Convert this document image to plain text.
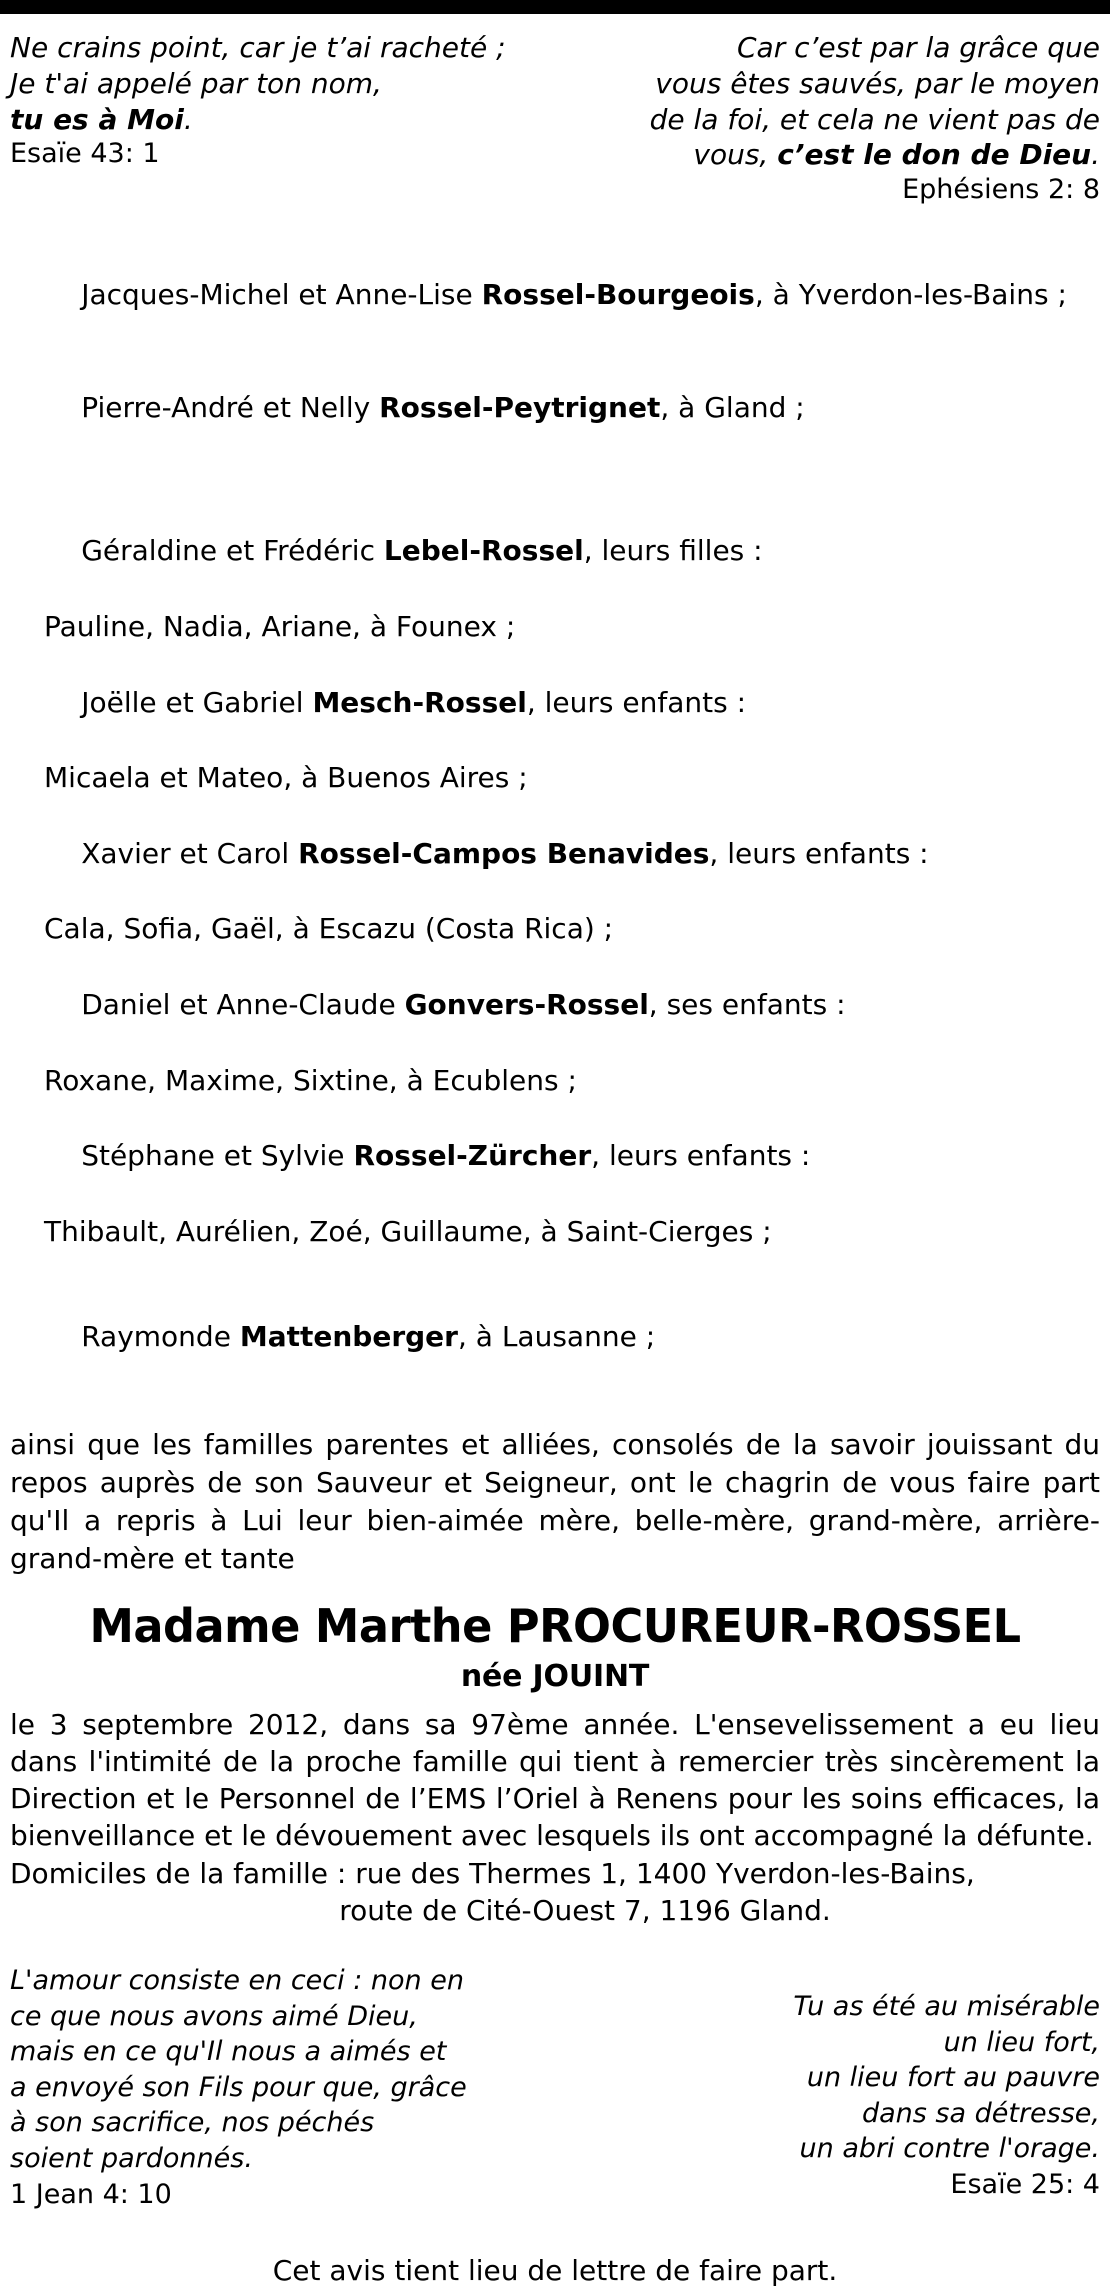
Ne crains point, car je t’ai racheté ;
Je t'ai appelé par ton nom,
tu es à Moi.
Esaïe 43: 1
Car c’est par la grâce que
vous êtes sauvés, par le moyen
de la foi, et cela ne vient pas de
vous, c’est le don de Dieu.
Ephésiens 2: 8

Jacques-Michel et Anne-Lise Rossel-Bourgeois, à Yverdon-les-Bains ;

Pierre-André et Nelly Rossel-Peytrignet, à Gland ;

Géraldine et Frédéric Lebel-Rossel, leurs filles :

Pauline, Nadia, Ariane, à Founex ;

Joëlle et Gabriel Mesch-Rossel, leurs enfants :

Micaela et Mateo, à Buenos Aires ;

Xavier et Carol Rossel-Campos Benavides, leurs enfants :

Cala, Sofia, Gaël, à Escazu (Costa Rica) ;

Daniel et Anne-Claude Gonvers-Rossel, ses enfants :

Roxane, Maxime, Sixtine, à Ecublens ;

Stéphane et Sylvie Rossel-Zürcher, leurs enfants :

Thibault, Aurélien, Zoé, Guillaume, à Saint-Cierges ;

Raymonde Mattenberger, à Lausanne ;

ainsi que les familles parentes et alliées, consolés de la savoir jouissant du repos auprès de son Sauveur et Seigneur, ont le chagrin de vous faire part qu'Il a repris à Lui leur bien-aimée mère, belle-mère, grand-mère, arrière-grand-mère et tante
Madame Marthe PROCUREUR-ROSSEL
née JOUINT

le 3 septembre 2012, dans sa 97ème année. L'ensevelissement a eu lieu dans l'intimité de la proche famille qui tient à remercier très sincèrement la Direction et le Personnel de l’EMS l’Oriel à Renens pour les soins efficaces, la bienveillance et le dévouement avec lesquels ils ont accompagné la défunte.

Domiciles de la famille : rue des Thermes 1, 1400 Yverdon-les-Bains,
route de Cité-Ouest 7, 1196 Gland.
L'amour consiste en ceci : non en
ce que nous avons aimé Dieu,
mais en ce qu'Il nous a aimés et
a envoyé son Fils pour que, grâce
à son sacrifice, nos péchés
soient pardonnés.
1 Jean 4: 10
Tu as été au misérable
un lieu fort,
un lieu fort au pauvre
dans sa détresse,
un abri contre l'orage.
Esaïe 25: 4
Cet avis tient lieu de lettre de faire part.
